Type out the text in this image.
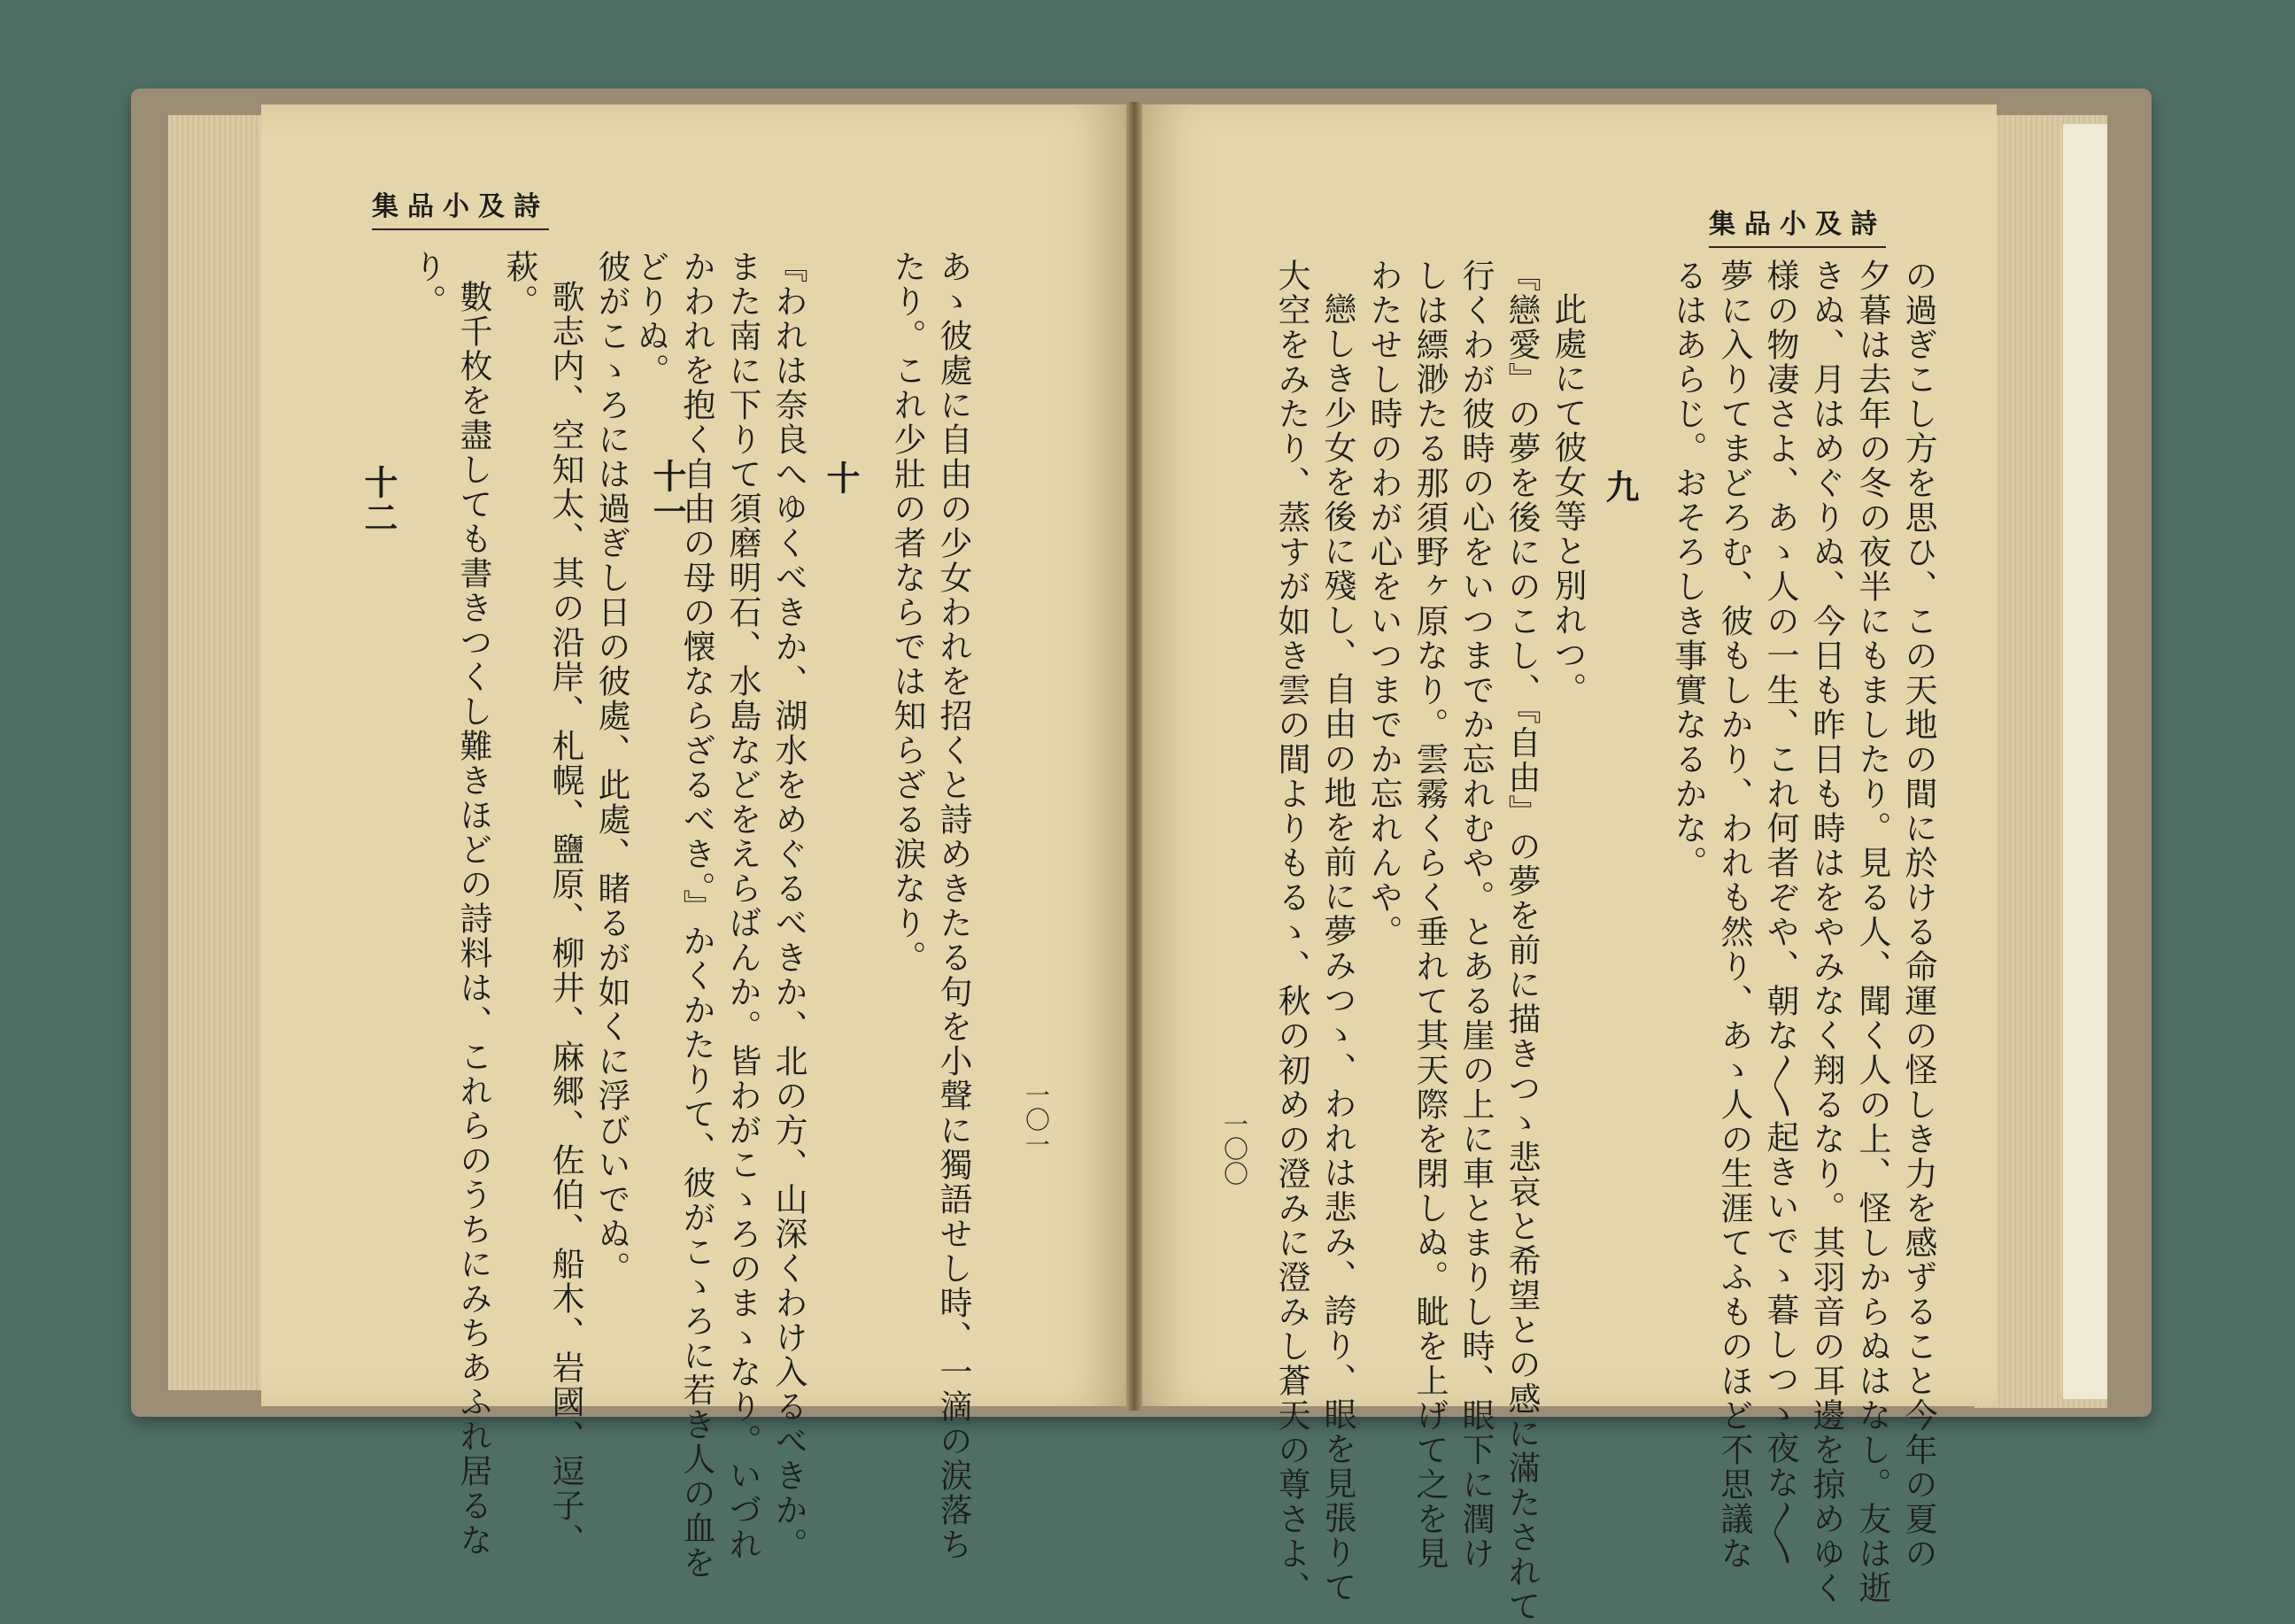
集品小及詩
集品小及詩
の過ぎこし方を思ひ、この天地の間に於ける命運の怪しき力を感ずること今年の夏の
夕暮は去年の冬の夜半にもましたり。見る人、聞く人の上、怪しからぬはなし。友は逝
きぬ、月はめぐりぬ、今日も昨日も時はをやみなく翔るなり。其羽音の耳邊を掠めゆく
様の物凄さよ、あゝ人の一生、これ何者ぞや、朝な〳〵起きいでゝ暮しつゝ夜な〳〵
夢に入りてまどろむ、彼もしかり、われも然り、あゝ人の生涯てふものほど不思議な
るはあらじ。おそろしき事實なるかな。
九
此處にて彼女等と別れつ。
『戀愛』の夢を後にのこし、『自由』の夢を前に描きつゝ悲哀と希望との感に滿たされて
行くわが彼時の心をいつまでか忘れむや。とある崖の上に車とまりし時、眼下に潤け
しは縹渺たる那須野ヶ原なり。雲霧くらく垂れて其天際を閉しぬ。眦を上げて之を見
わたせし時のわが心をいつまでか忘れんや。
戀しき少女を後に殘し、自由の地を前に夢みつゝ、われは悲み、誇り、眼を見張りて
大空をみたり、蒸すが如き雲の間よりもるゝ、秋の初めの澄みに澄みし蒼天の尊さよ、
一〇〇
一〇一
あゝ彼處に自由の少女われを招くと詩めきたる句を小聲に獨語せし時、一滴の涙落ち
たり。これ少壯の者ならでは知らざる涙なり。
十
『われは奈良へゆくべきか、湖水をめぐるべきか、北の方、山深くわけ入るべきか。
また南に下りて須磨明石、水島などをえらばんか。皆わがこゝろのまゝなり。いづれ
かわれを抱く自由の母の懐ならざるべき。』かくかたりて、彼がこゝろに若き人の血を
どりぬ。
十一
彼がこゝろには過ぎし日の彼處、此處、睹るが如くに浮びいでぬ。
歌志内、空知太、其の沿岸、札幌、鹽原、柳井、麻郷、佐伯、船木、岩國、逗子、
萩。
數千枚を盡しても書きつくし難きほどの詩料は、これらのうちにみちあふれ居るな
り。
十二
